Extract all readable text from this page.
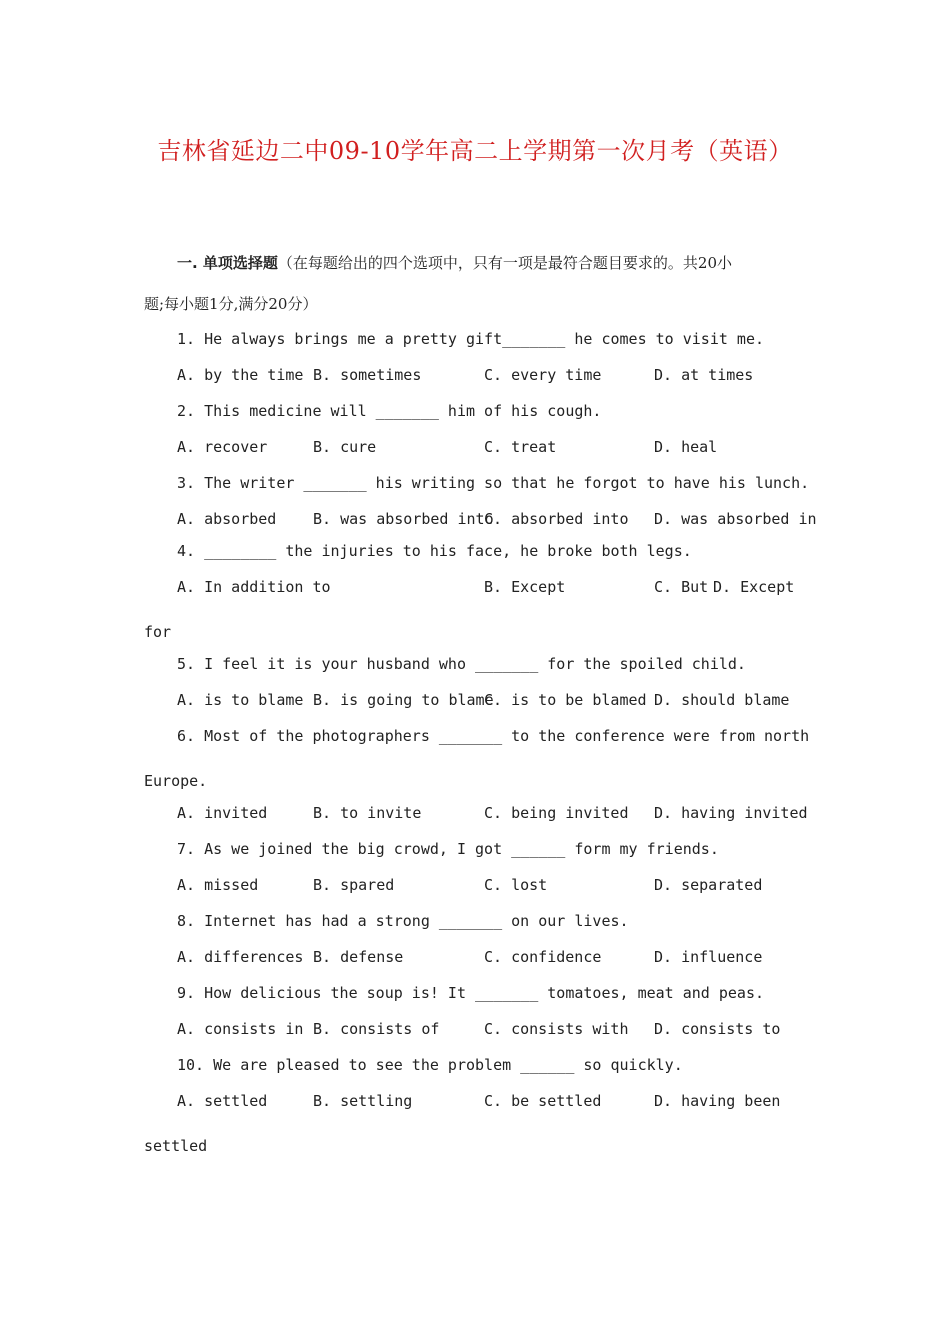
吉林省延边二中09-10学年高二上学期第一次月考（英语）
一. 单项选择题（在每题给出的四个选项中，只有一项是最符合题目要求的。共20小
题;每小题1分,满分20分）
1. He always brings me a pretty gift_______ he comes to visit me.
A. by the time B. sometimes	C. every time	D. at times
2. This medicine will _______ him of his cough.
A. recover	B. cure	C. treat	D. heal
3. The writer _______ his writing so that he forgot to have his lunch.
A. absorbed B. was absorbed into
C. absorbed into D. was absorbed in
4. ________ the injuries to his face, he broke both legs.
A. In addition to	B. Except	C. But D. Except
for
5. I feel it is your husband who _______ for the spoiled child.
A. is to blame B. is going to blame
C. is to be blamed D. should blame
6. Most of the photographers _______ to the conference were from north
Europe.
A. invited	B. to invite	C. being invited D. having invited
7. As we joined the big crowd, I got ______ form my friends.
A. missed	B. spared	C. lost	D. separated
8. Internet has had a strong _______ on our lives.
A. differences B. defense	C. confidence	D. influence
9. How delicious the soup is! It _______ tomatoes, meat and peas.
A. consists in B. consists of	C. consists with D. consists to
10. We are pleased to see the problem ______ so quickly.
A. settled	B. settling	C. be settled	D. having been
settled
